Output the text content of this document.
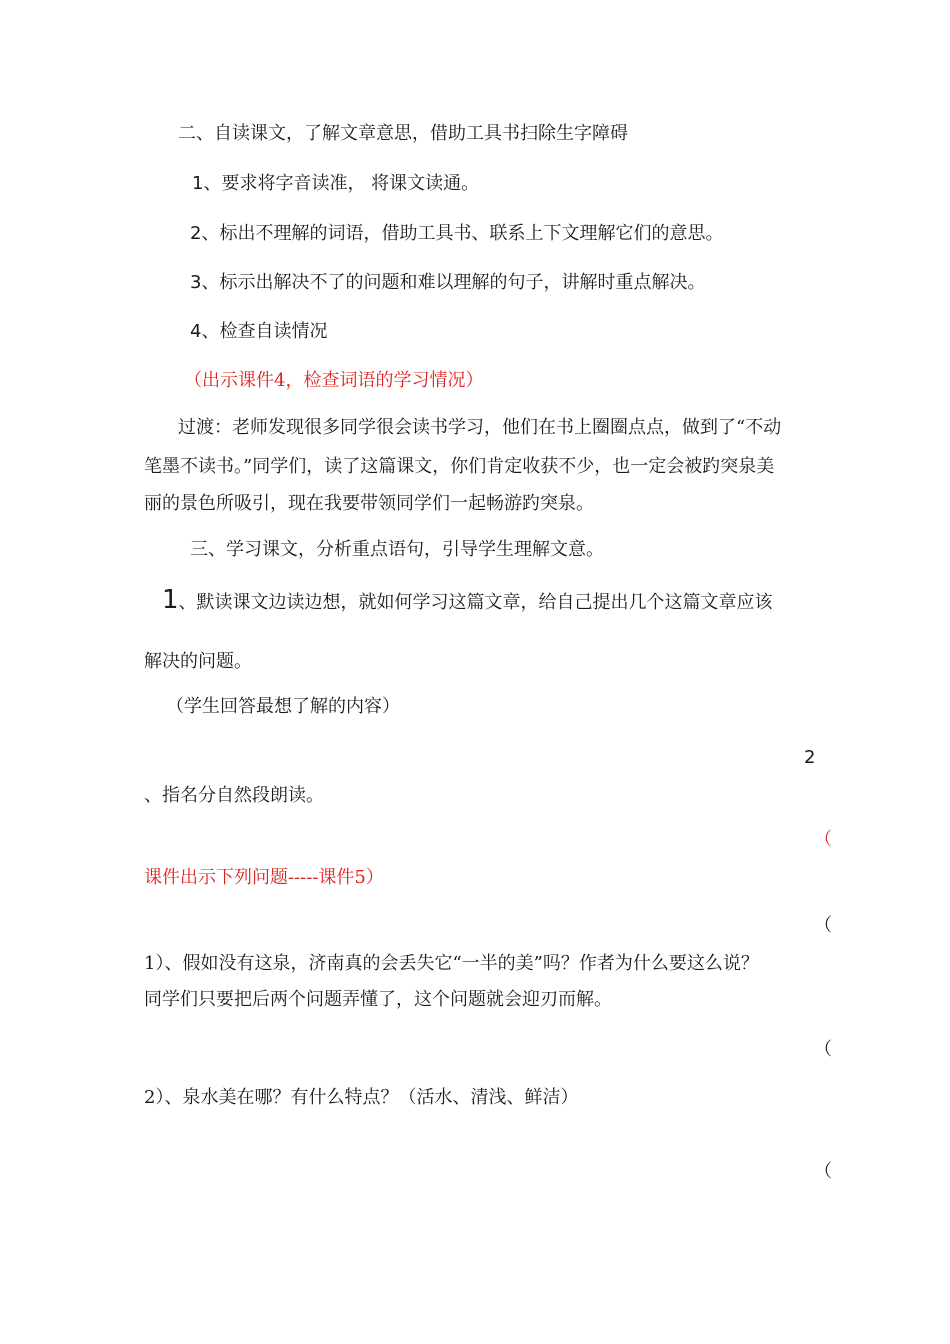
二、自读课文，了解文章意思，借助工具书扫除生字障碍
1、要求将字音读准， 将课文读通。
2、标出不理解的词语，借助工具书、联系上下文理解它们的意思。
3、标示出解决不了的问题和难以理解的句子，讲解时重点解决。
4、检查自读情况
（出示课件4，检查词语的学习情况）
过渡：老师发现很多同学很会读书学习，他们在书上圈圈点点，做到了“不动
笔墨不读书。”同学们，读了这篇课文，你们肯定收获不少，也一定会被趵突泉美
丽的景色所吸引，现在我要带领同学们一起畅游趵突泉。
三、学习课文，分析重点语句，引导学生理解文意。
1、默读课文边读边想，就如何学习这篇文章，给自己提出几个这篇文章应该
解决的问题。
（学生回答最想了解的内容）
2
、指名分自然段朗读。
（
课件出示下列问题-----课件5）
（
1）、假如没有这泉，济南真的会丢失它“一半的美”吗？作者为什么要这么说？
同学们只要把后两个问题弄懂了，这个问题就会迎刃而解。
（
2）、泉水美在哪？有什么特点？（活水、清浅、鲜洁）
（
